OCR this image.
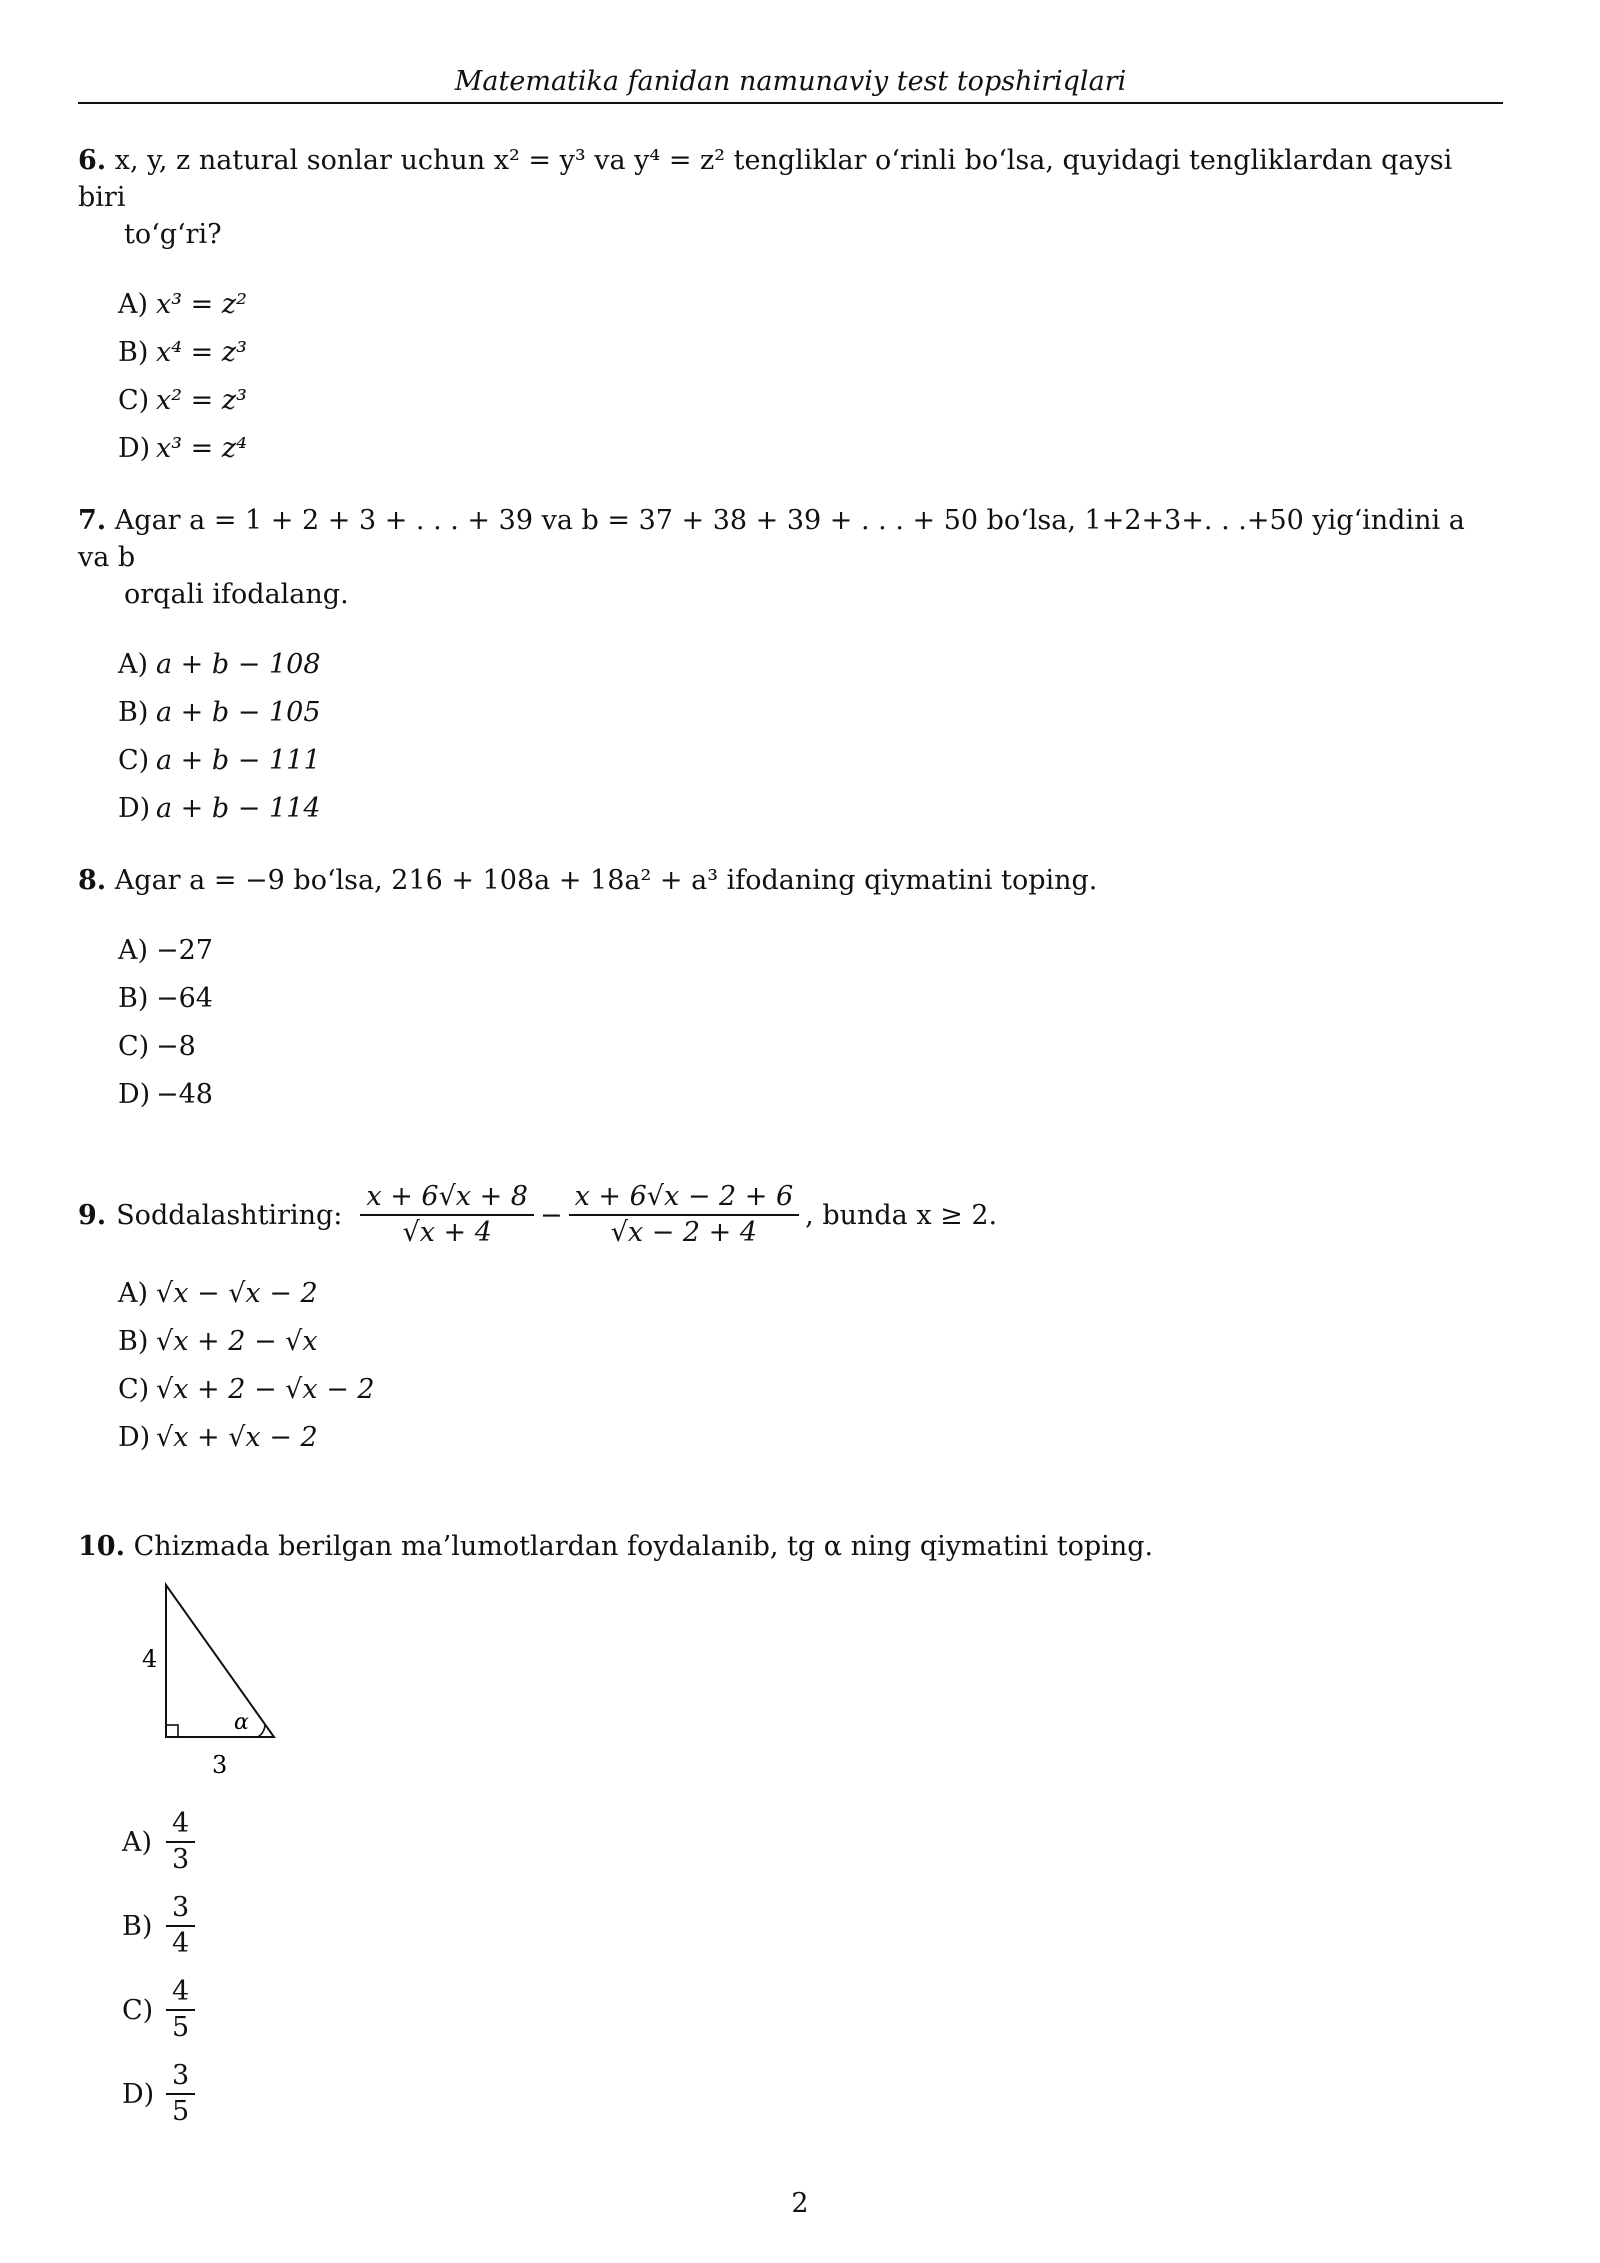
Matematika fanidan namunaviy test topshiriqlari
6. x, y, z natural sonlar uchun x² = y³ va y⁴ = z² tengliklar o‘rinli bo‘lsa, quyidagi tengliklardan qaysi biri
to‘g‘ri?
A) x³ = z²
B) x⁴ = z³
C) x² = z³
D) x³ = z⁴
7. Agar a = 1 + 2 + 3 + . . . + 39 va b = 37 + 38 + 39 + . . . + 50 bo‘lsa, 1+2+3+. . .+50 yig‘indini a va b
orqali ifodalang.
A) a + b − 108
B) a + b − 105
C) a + b − 111
D) a + b − 114
8. Agar a = −9 bo‘lsa, 216 + 108a + 18a² + a³ ifodaning qiymatini toping.
A) −27
B) −64
C) −8
D) −48
9. Soddalashtiring: $\frac{x + 6√x + 8}{√x + 4} - \frac{x + 6√x - 2 + 6}{√x - 2 + 4}$ , bunda x ≥ 2.
A) √x − √x − 2
B) √x + 2 − √x
C) √x + 2 − √x − 2
D) √x + √x − 2
10. Chizmada berilgan ma’lumotlardan foydalanib, tg α ning qiymatini toping.
4
3
α
$A) \frac{4}{3}$
$B) \frac{3}{4}$
$C) \frac{4}{5}$
$D) \frac{3}{5}$
2
